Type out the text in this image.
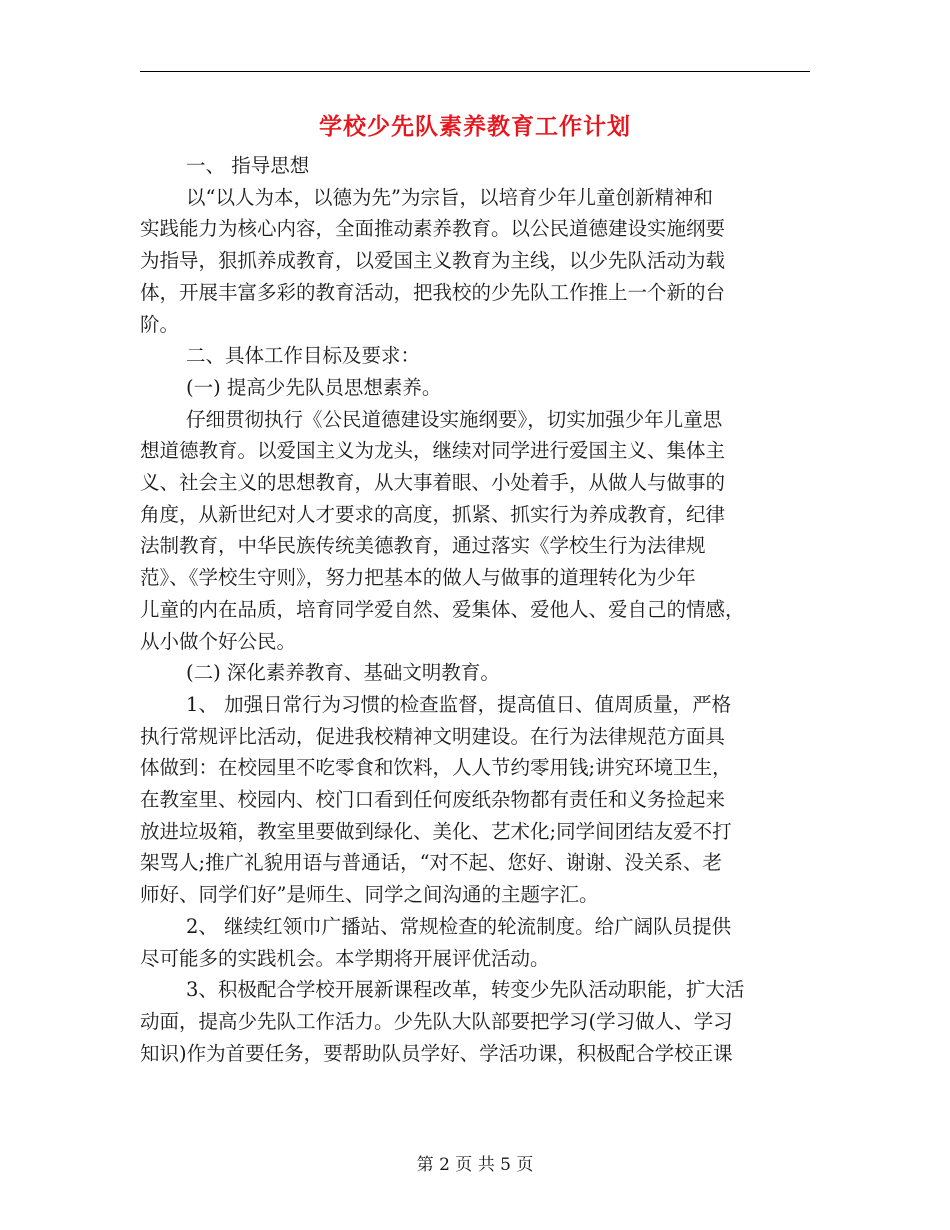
学校少先队素养教育工作计划

一、 指导思想

以“以人为本，以德为先”为宗旨，以培育少年儿童创新精神和
实践能力为核心内容，全面推动素养教育。以公民道德建设实施纲要
为指导，狠抓养成教育，以爱国主义教育为主线，以少先队活动为载
体，开展丰富多彩的教育活动，把我校的少先队工作推上一个新的台
阶。

二、具体工作目标及要求：

(一) 提高少先队员思想素养。

仔细贯彻执行《公民道德建设实施纲要》，切实加强少年儿童思
想道德教育。以爱国主义为龙头，继续对同学进行爱国主义、集体主
义、社会主义的思想教育，从大事着眼、小处着手，从做人与做事的
角度，从新世纪对人才要求的高度，抓紧、抓实行为养成教育，纪律
法制教育，中华民族传统美德教育，通过落实《学校生行为法律规
范》、《学校生守则》，努力把基本的做人与做事的道理转化为少年
儿童的内在品质，培育同学爱自然、爱集体、爱他人、爱自己的情感，
从小做个好公民。

(二) 深化素养教育、基础文明教育。

1、 加强日常行为习惯的检查监督，提高值日、值周质量，严格
执行常规评比活动，促进我校精神文明建设。在行为法律规范方面具
体做到：在校园里不吃零食和饮料，人人节约零用钱;讲究环境卫生，
在教室里、校园内、校门口看到任何废纸杂物都有责任和义务捡起来
放进垃圾箱，教室里要做到绿化、美化、艺术化;同学间团结友爱不打
架骂人;推广礼貌用语与普通话，“对不起、您好、谢谢、没关系、老
师好、同学们好”是师生、同学之间沟通的主题字汇。

2、 继续红领巾广播站、常规检查的轮流制度。给广阔队员提供
尽可能多的实践机会。本学期将开展评优活动。

3、积极配合学校开展新课程改革，转变少先队活动职能，扩大活
动面，提高少先队工作活力。少先队大队部要把学习(学习做人、学习
知识)作为首要任务，要帮助队员学好、学活功课，积极配合学校正课

第 2 页 共 5 页
